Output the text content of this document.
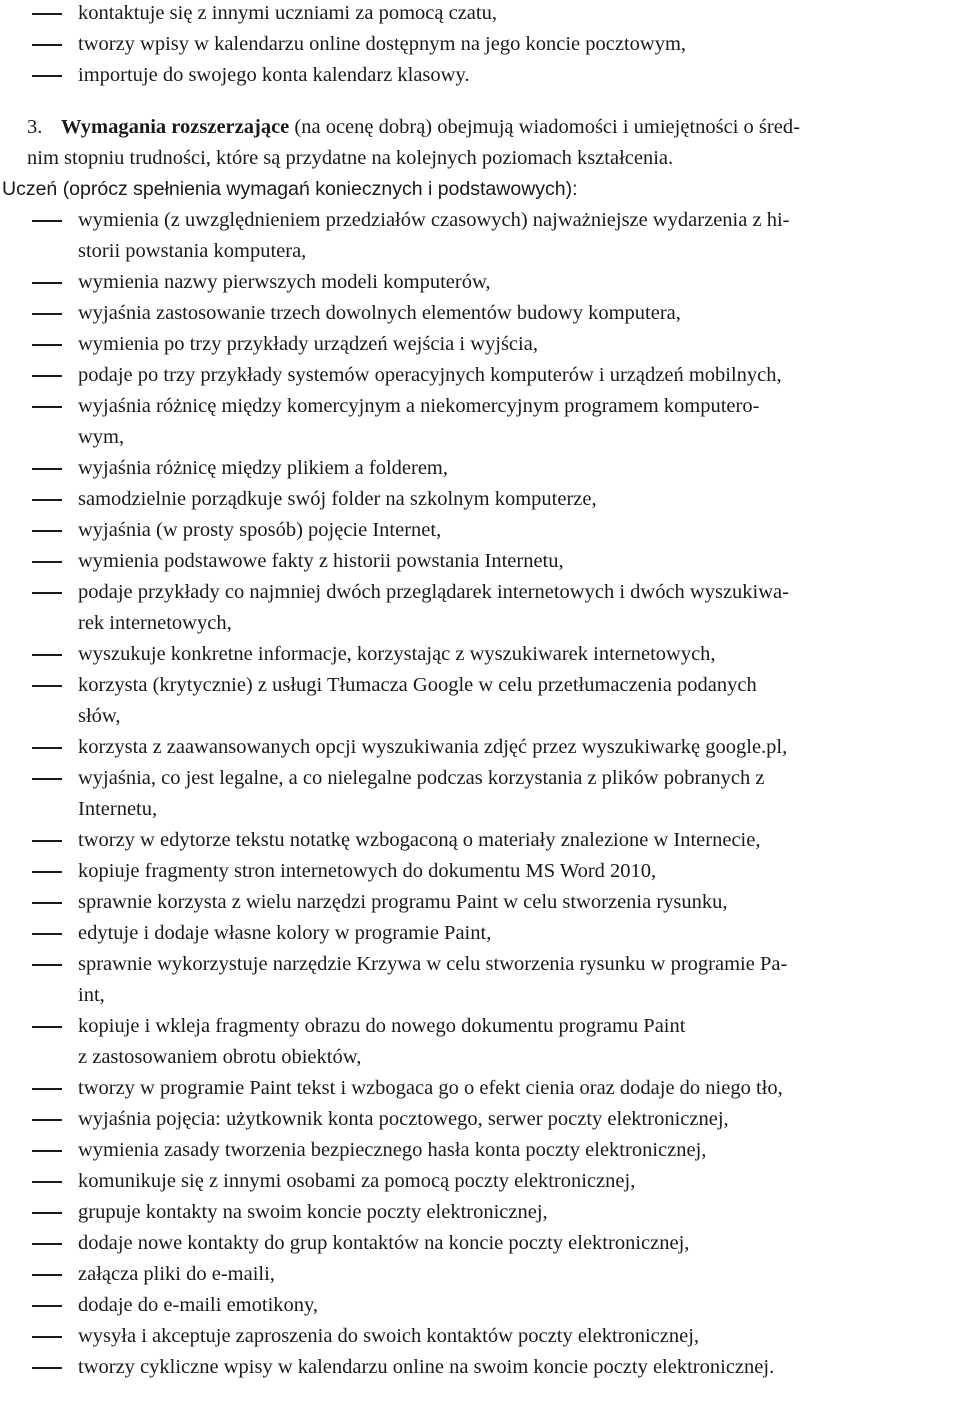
kontaktuje się z innymi uczniami za pomocą czatu,
tworzy wpisy w kalendarzu online dostępnym na jego koncie pocztowym,
importuje do swojego konta kalendarz klasowy.
3. Wymagania rozszerzające (na ocenę dobrą) obejmują wiadomości i umiejętności o śred-
nim stopniu trudności, które są przydatne na kolejnych poziomach kształcenia.
Uczeń (oprócz spełnienia wymagań koniecznych i podstawowych):
wymienia (z uwzględnieniem przedziałów czasowych) najważniejsze wydarzenia z hi-
storii powstania komputera,
wymienia nazwy pierwszych modeli komputerów,
wyjaśnia zastosowanie trzech dowolnych elementów budowy komputera,
wymienia po trzy przykłady urządzeń wejścia i wyjścia,
podaje po trzy przykłady systemów operacyjnych komputerów i urządzeń mobilnych,
wyjaśnia różnicę między komercyjnym a niekomercyjnym programem komputero-
wym,
wyjaśnia różnicę między plikiem a folderem,
samodzielnie porządkuje swój folder na szkolnym komputerze,
wyjaśnia (w prosty sposób) pojęcie Internet,
wymienia podstawowe fakty z historii powstania Internetu,
podaje przykłady co najmniej dwóch przeglądarek internetowych i dwóch wyszukiwa-
rek internetowych,
wyszukuje konkretne informacje, korzystając z wyszukiwarek internetowych,
korzysta (krytycznie) z usługi Tłumacza Google w celu przetłumaczenia podanych
słów,
korzysta z zaawansowanych opcji wyszukiwania zdjęć przez wyszukiwarkę google.pl,
wyjaśnia, co jest legalne, a co nielegalne podczas korzystania z plików pobranych z
Internetu,
tworzy w edytorze tekstu notatkę wzbogaconą o materiały znalezione w Internecie,
kopiuje fragmenty stron internetowych do dokumentu MS Word 2010,
sprawnie korzysta z wielu narzędzi programu Paint w celu stworzenia rysunku,
edytuje i dodaje własne kolory w programie Paint,
sprawnie wykorzystuje narzędzie Krzywa w celu stworzenia rysunku w programie Pa-
int,
kopiuje i wkleja fragmenty obrazu do nowego dokumentu programu Paint
z zastosowaniem obrotu obiektów,
tworzy w programie Paint tekst i wzbogaca go o efekt cienia oraz dodaje do niego tło,
wyjaśnia pojęcia: użytkownik konta pocztowego, serwer poczty elektronicznej,
wymienia zasady tworzenia bezpiecznego hasła konta poczty elektronicznej,
komunikuje się z innymi osobami za pomocą poczty elektronicznej,
grupuje kontakty na swoim koncie poczty elektronicznej,
dodaje nowe kontakty do grup kontaktów na koncie poczty elektronicznej,
załącza pliki do e-maili,
dodaje do e-maili emotikony,
wysyła i akceptuje zaproszenia do swoich kontaktów poczty elektronicznej,
tworzy cykliczne wpisy w kalendarzu online na swoim koncie poczty elektronicznej.
